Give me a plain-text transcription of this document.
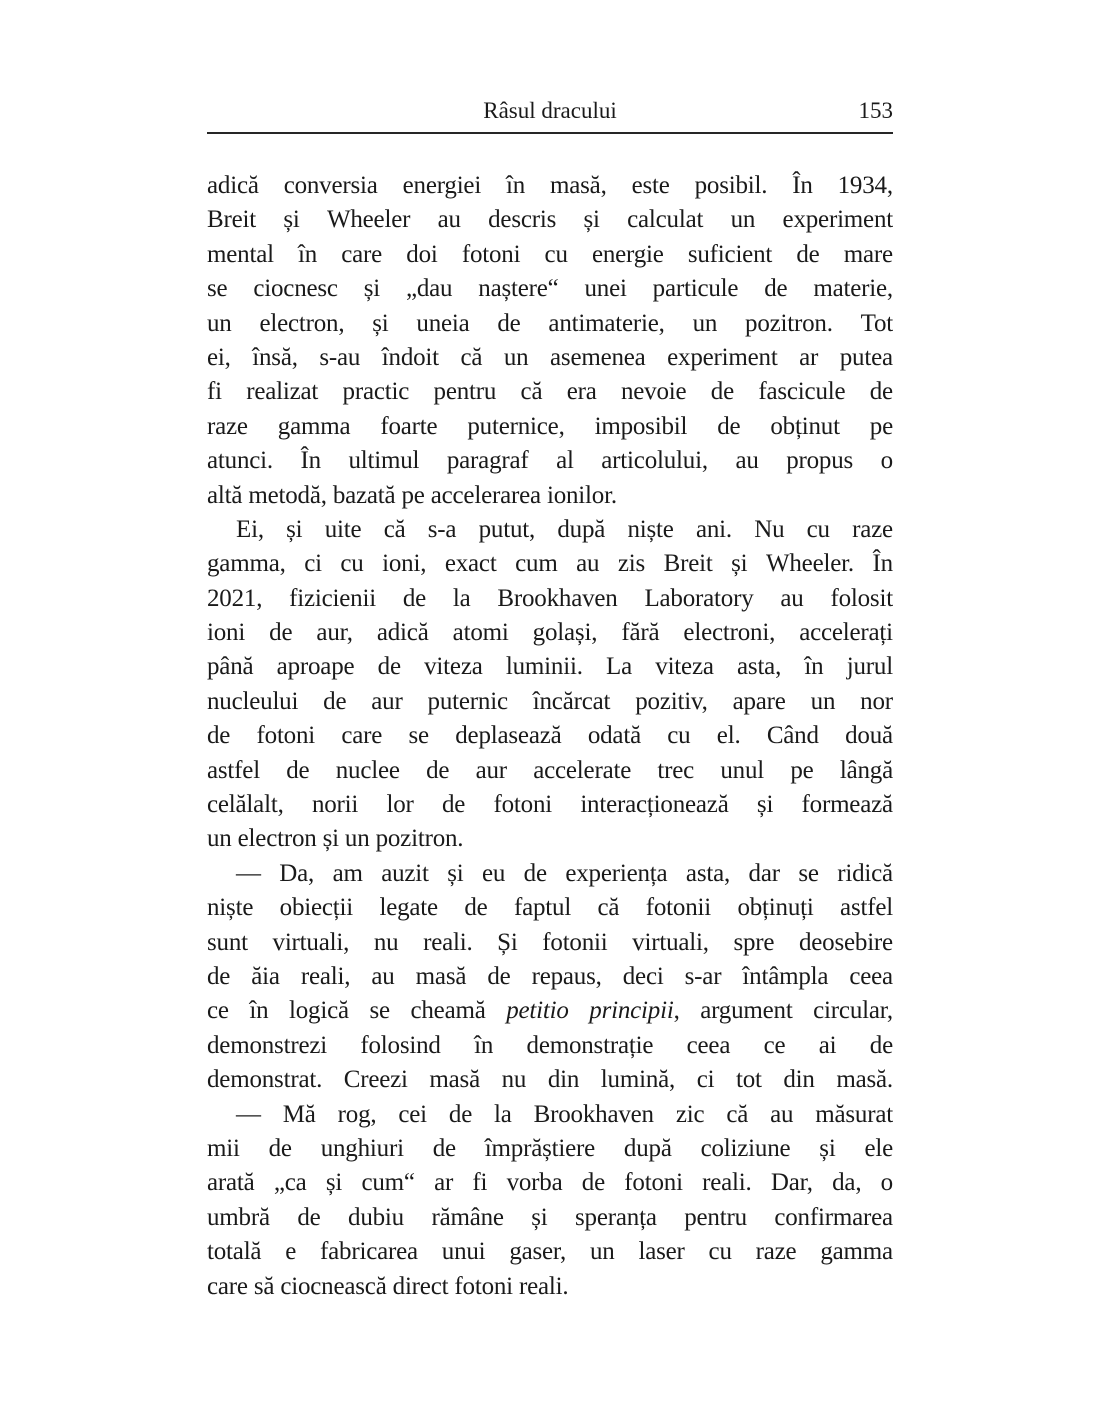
Râsul dracului	153
adică conversia energiei în masă, este posibil. În 1934,
Breit și Wheeler au descris și calculat un experiment
mental în care doi fotoni cu energie suficient de mare
se ciocnesc și „dau naștere“ unei particule de materie,
un electron, și uneia de antimaterie, un pozitron. Tot
ei, însă, s-au îndoit că un asemenea experiment ar putea
fi realizat practic pentru că era nevoie de fascicule de
raze gamma foarte puternice, imposibil de obținut pe
atunci. În ultimul paragraf al articolului, au propus o
altă metodă, bazată pe accelerarea ionilor.
Ei, și uite că s-a putut, după niște ani. Nu cu raze
gamma, ci cu ioni, exact cum au zis Breit și Wheeler. În
2021, fizicienii de la Brookhaven Laboratory au folosit
ioni de aur, adică atomi golași, fără electroni, accelerați
până aproape de viteza luminii. La viteza asta, în jurul
nucleului de aur puternic încărcat pozitiv, apare un nor
de fotoni care se deplasează odată cu el. Când două
astfel de nuclee de aur accelerate trec unul pe lângă
celălalt, norii lor de fotoni interacționează și formează
un electron și un pozitron.
— Da, am auzit și eu de experiența asta, dar se ridică
niște obiecții legate de faptul că fotonii obținuți astfel
sunt virtuali, nu reali. Și fotonii virtuali, spre deosebire
de ăia reali, au masă de repaus, deci s-ar întâmpla ceea
ce în logică se cheamă petitio principii, argument circular,
demonstrezi folosind în demonstrație ceea ce ai de
demonstrat. Creezi masă nu din lumină, ci tot din masă.
— Mă rog, cei de la Brookhaven zic că au măsurat
mii de unghiuri de împrăștiere după coliziune și ele
arată „ca și cum“ ar fi vorba de fotoni reali. Dar, da, o
umbră de dubiu rămâne și speranța pentru confirmarea
totală e fabricarea unui gaser, un laser cu raze gamma
care să ciocnească direct fotoni reali.
